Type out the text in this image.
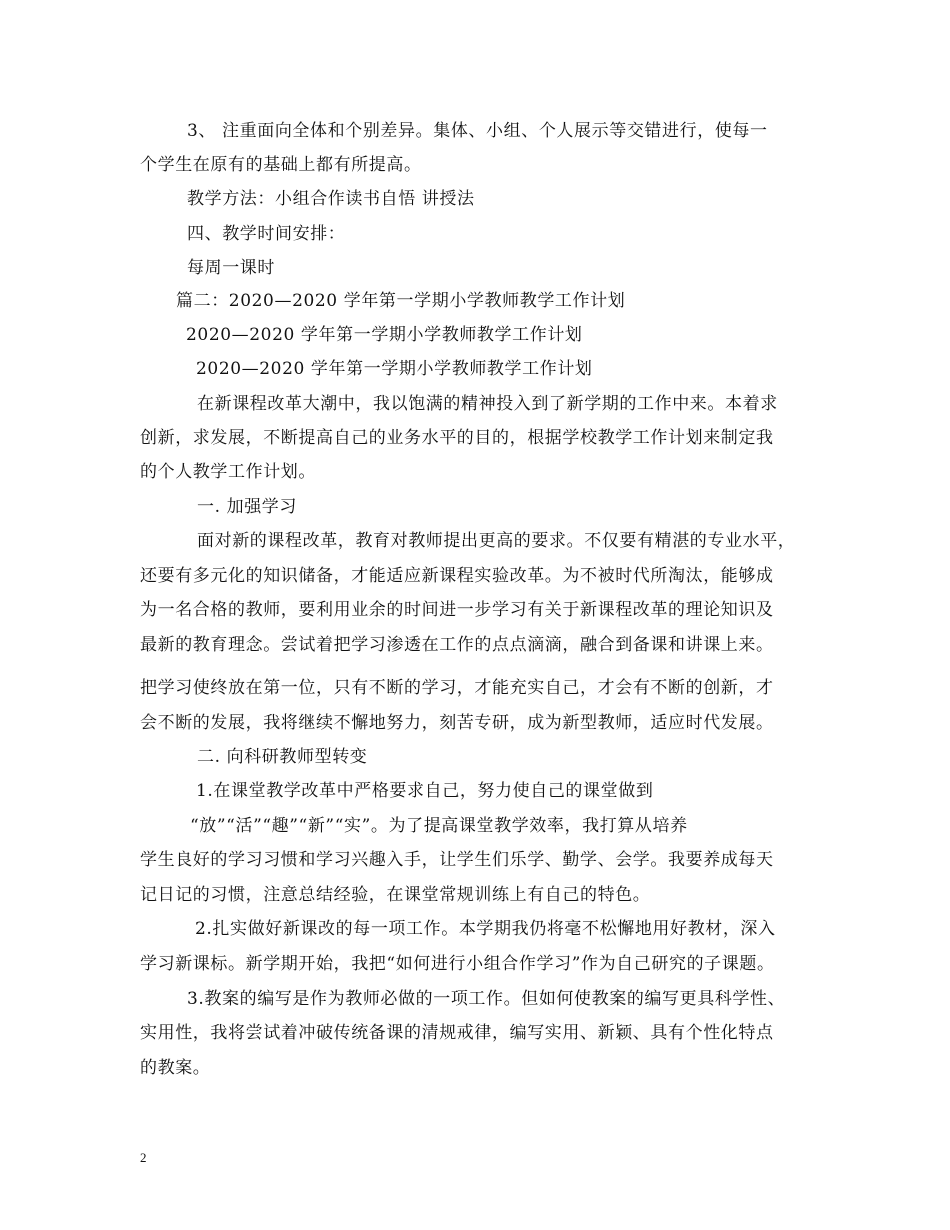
3、 注重面向全体和个别差异。集体、小组、个人展示等交错进行，使每一
个学生在原有的基础上都有所提高。
教学方法：小组合作读书自悟 讲授法
四、教学时间安排：
每周一课时
篇二：2020—2020 学年第一学期小学教师教学工作计划
2020—2020 学年第一学期小学教师教学工作计划
2020—2020 学年第一学期小学教师教学工作计划
在新课程改革大潮中，我以饱满的精神投入到了新学期的工作中来。本着求
创新，求发展，不断提高自己的业务水平的目的，根据学校教学工作计划来制定我
的个人教学工作计划。
一. 加强学习
面对新的课程改革，教育对教师提出更高的要求。不仅要有精湛的专业水平，
还要有多元化的知识储备，才能适应新课程实验改革。为不被时代所淘汰，能够成
为一名合格的教师，要利用业余的时间进一步学习有关于新课程改革的理论知识及
最新的教育理念。尝试着把学习渗透在工作的点点滴滴，融合到备课和讲课上来。
把学习使终放在第一位，只有不断的学习，才能充实自己，才会有不断的创新，才
会不断的发展，我将继续不懈地努力，刻苦专研，成为新型教师，适应时代发展。
二. 向科研教师型转变
1.在课堂教学改革中严格要求自己，努力使自己的课堂做到
“放”“活”“趣”“新”“实”。为了提高课堂教学效率，我打算从培养
学生良好的学习习惯和学习兴趣入手，让学生们乐学、勤学、会学。我要养成每天
记日记的习惯，注意总结经验，在课堂常规训练上有自己的特色。
2.扎实做好新课改的每一项工作。本学期我仍将毫不松懈地用好教材，深入
学习新课标。新学期开始，我把“如何进行小组合作学习”作为自己研究的子课题。
3.教案的编写是作为教师必做的一项工作。但如何使教案的编写更具科学性、
实用性，我将尝试着冲破传统备课的清规戒律，编写实用、新颖、具有个性化特点
的教案。
2
